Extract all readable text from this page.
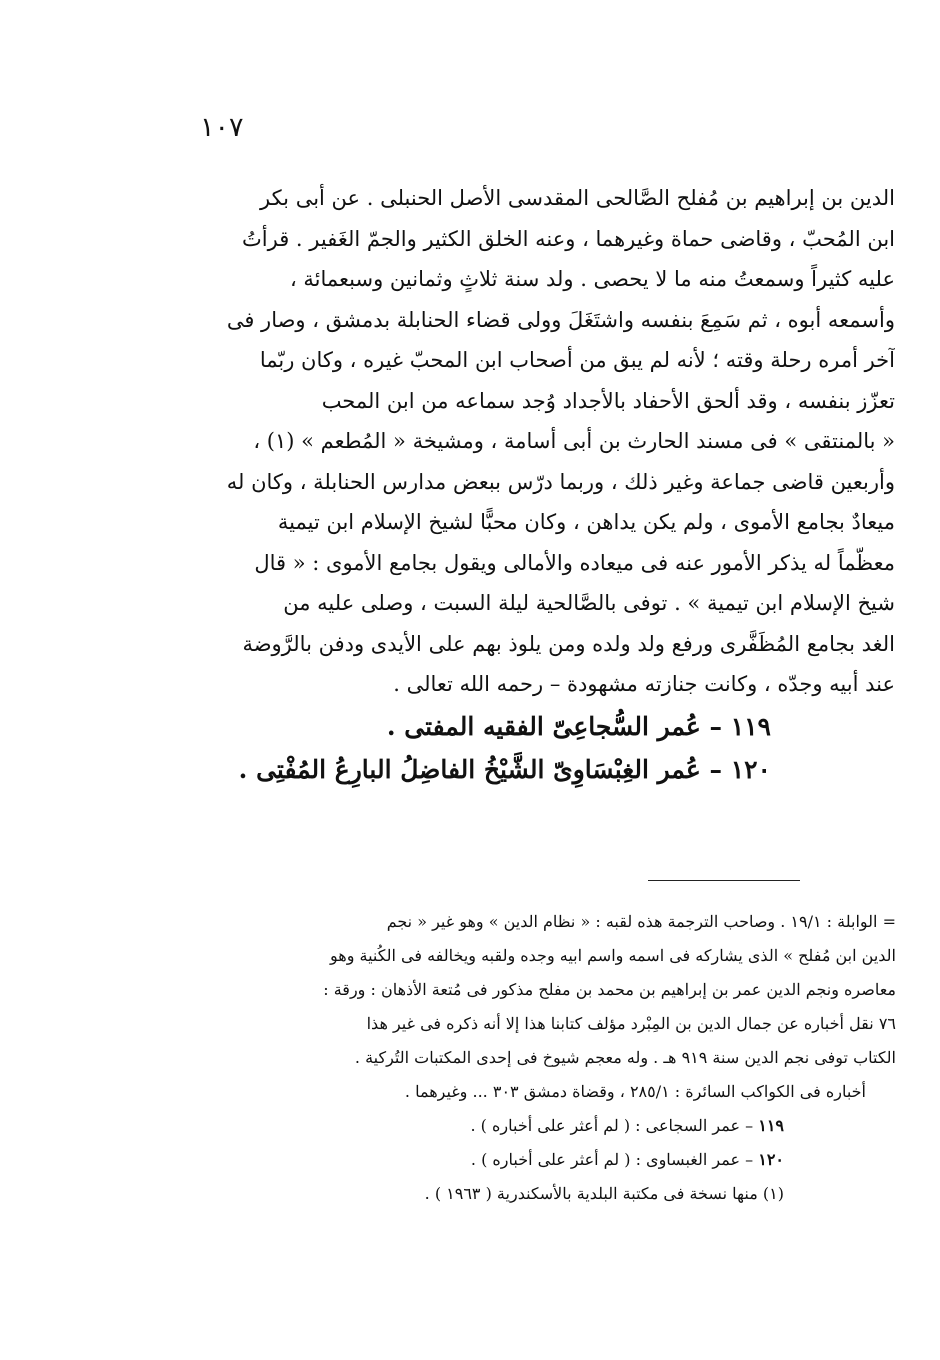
١٠٧
الدين بن إبراهيم بن مُفلح الصَّالحى المقدسى الأصل الحنبلى . عن أبى بكر
ابن المُحبّ ، وقاضى حماة وغيرهما ، وعنه الخلق الكثير والجمّ الغَفير . قرأتُ
عليه كثيراً وسمعتُ منه ما لا يحصى . ولد سنة ثلاثٍ وثمانين وسبعمائة ،
وأسمعه أبوه ، ثم سَمِعَ بنفسه واشتَغَلَ وولى قضاء الحنابلة بدمشق ، وصار فى
آخر أمره رحلة وقته ؛ لأنه لم يبق من أصحاب ابن المحبّ غيره ، وكان ربّما
تعزّز بنفسه ، وقد ألحق الأحفاد بالأجداد وُجد سماعه من ابن المحب
« بالمنتقى » فى مسند الحارث بن أبى أسامة ، ومشيخة « المُطعم » (١) ،
وأربعين قاضى جماعة وغير ذلك ، وربما درّس ببعض مدارس الحنابلة ، وكان له
ميعادٌ بجامع الأموى ، ولم يكن يداهن ، وكان محبًّا لشيخ الإسلام ابن تيمية
معظّماً له يذكر الأمور عنه فى ميعاده والأمالى ويقول بجامع الأموى : « قال
شيخ الإسلام ابن تيمية » . توفى بالصَّالحية ليلة السبت ، وصلى عليه من
الغد بجامع المُظَفَّرى ورفع ولد ولده ومن يلوذ بهم على الأيدى ودفن بالرَّوضة
عند أبيه وجدّه ، وكانت جنازته مشهودة – رحمه الله تعالى .
١١٩ – عُمر السُّجاعِىّ الفقيه المفتى .
١٢٠ – عُمر الغِبْسَاوِىّ الشَّيْخُ الفاضِلُ البارِعُ المُفْتِى .
= الوابلة : ١٩/١ . وصاحب الترجمة هذه لقبه : « نظام الدين » وهو غير « نجم
الدين ابن مُفلح » الذى يشاركه فى اسمه واسم ابيه وجده ولقبه ويخالفه فى الكُنية وهو
معاصره ونجم الدين عمر بن إبراهيم بن محمد بن مفلح مذكور فى مُتعة الأذهان : ورقة :
٧٦ نقل أخباره عن جمال الدين بن المِبْرد مؤلف كتابنا هذا إلا أنه ذكره فى غير هذا
الكتاب توفى نجم الدين سنة ٩١٩ هـ . وله معجم شيوخ فى إحدى المكتبات التُركية .
أخباره فى الكواكب السائرة : ٢٨٥/١ ، وقضاة دمشق ٣٠٣ ... وغيرهما .
١١٩ – عمر السجاعى : ( لم أعثر على أخباره ) .
١٢٠ – عمر الغبساوى : ( لم أعثر على أخباره ) .
(١) منها نسخة فى مكتبة البلدية بالأسكندرية ( ١٩٦٣ ) .
